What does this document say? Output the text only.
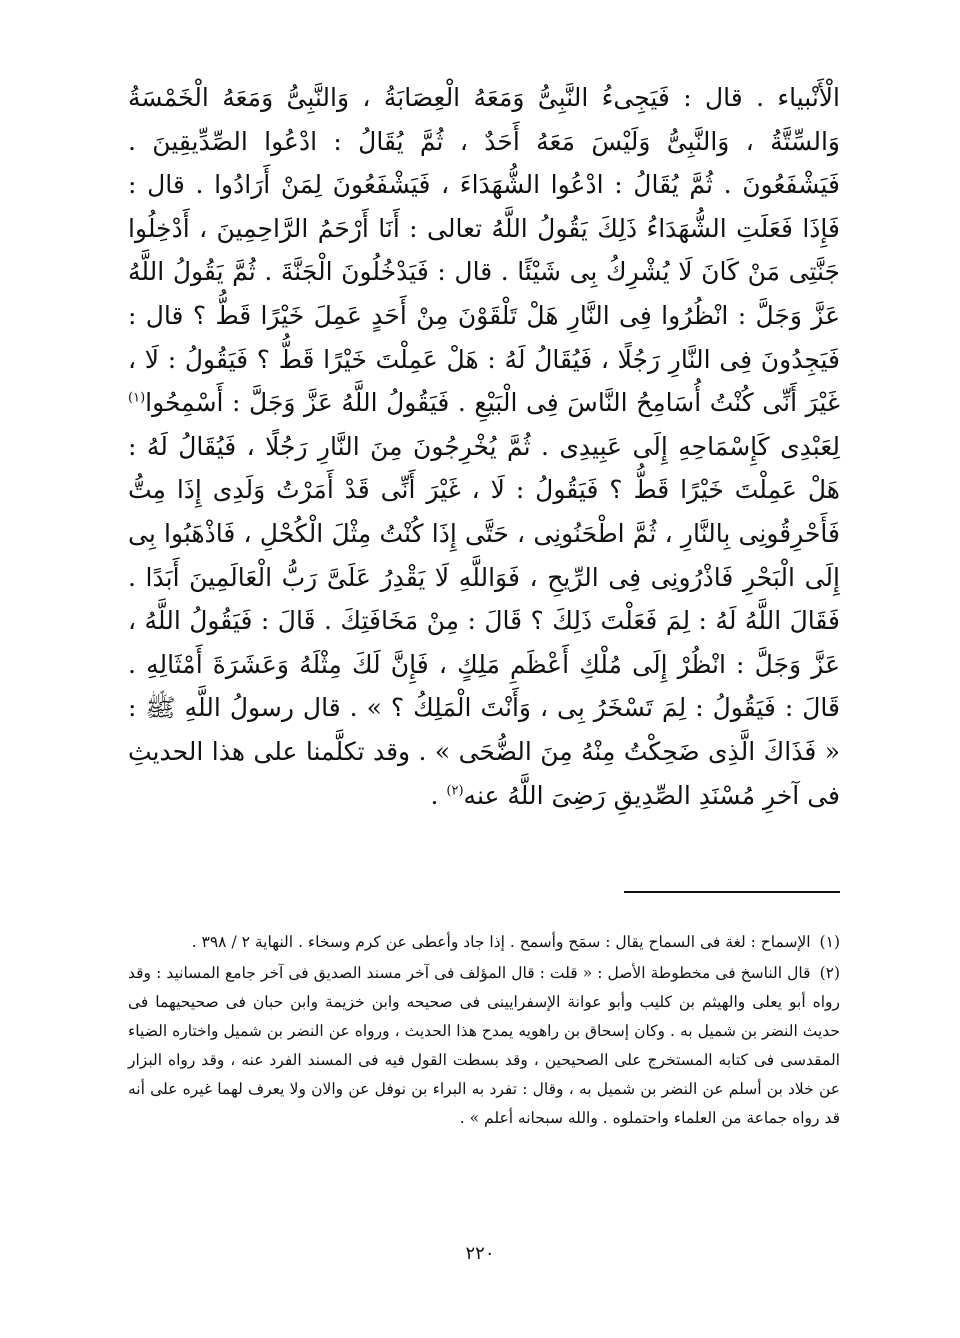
الْأَنْبياء . قال : فَيَجِىءُ النَّبِىُّ وَمَعَهُ الْعِصَابَةُ ، وَالنَّبِىُّ وَمَعَهُ الْخَمْسَةُ وَالسِّتَّةُ ، وَالنَّبِىُّ وَلَيْسَ مَعَهُ أَحَدٌ ، ثُمَّ يُقَالُ : ادْعُوا الصِّدِّيقِينَ . فَيَشْفَعُونَ . ثُمَّ يُقَالُ : ادْعُوا الشُّهَدَاءَ ، فَيَشْفَعُونَ لِمَنْ أَرَادُوا . قال : فَإِذَا فَعَلَتِ الشُّهَدَاءُ ذَلِكَ يَقُولُ اللَّهُ تعالى : أَنَا أَرْحَمُ الرَّاحِمِينَ ، أَدْخِلُوا جَنَّتِى مَنْ كَانَ لَا يُشْرِكُ بِى شَيْئًا . قال : فَيَدْخُلُونَ الْجَنَّةَ . ثُمَّ يَقُولُ اللَّهُ عَزَّ وَجَلَّ : انْظُرُوا فِى النَّارِ هَلْ تَلْقَوْنَ مِنْ أَحَدٍ عَمِلَ خَيْرًا قَطُّ ؟ قال : فَيَجِدُونَ فِى النَّارِ رَجُلًا ، فَيُقَالُ لَهُ : هَلْ عَمِلْتَ خَيْرًا قَطُّ ؟ فَيَقُولُ : لَا ، غَيْرَ أَنِّى كُنْتُ أُسَامِحُ النَّاسَ فِى الْبَيْعِ . فَيَقُولُ اللَّهُ عَزَّ وَجَلَّ : أَسْمِحُوا$^{(١)}$ لِعَبْدِى كَإِسْمَاحِهِ إِلَى عَبِيدِى . ثُمَّ يُخْرِجُونَ مِنَ النَّارِ رَجُلًا ، فَيُقَالُ لَهُ : هَلْ عَمِلْتَ خَيْرًا قَطُّ ؟ فَيَقُولُ : لَا ، غَيْرَ أَنِّى قَدْ أَمَرْتُ وَلَدِى إِذَا مِتُّ فَأَحْرِقُونِى بِالنَّارِ ، ثُمَّ اطْحَنُونِى ، حَتَّى إِذَا كُنْتُ مِثْلَ الْكُحْلِ ، فَاذْهَبُوا بِى إِلَى الْبَحْرِ فَاذْرُونِى فِى الرِّيحِ ، فَوَاللَّهِ لَا يَقْدِرُ عَلَىَّ رَبُّ الْعَالَمِينَ أَبَدًا . فَقَالَ اللَّهُ لَهُ : لِمَ فَعَلْتَ ذَلِكَ ؟ قَالَ : مِنْ مَخَافَتِكَ . قَالَ : فَيَقُولُ اللَّهُ ، عَزَّ وَجَلَّ : انْظُرْ إِلَى مُلْكِ أَعْظَمِ مَلِكٍ ، فَإِنَّ لَكَ مِثْلَهُ وَعَشَرَةَ أَمْثَالِهِ . قَالَ : فَيَقُولُ : لِمَ تَسْخَرُ بِى ، وَأَنْتَ الْمَلِكُ ؟ » . قال رسولُ اللَّهِ ﷺ : « فَذَاكَ الَّذِى ضَحِكْتُ مِنْهُ مِنَ الضُّحَى » . وقد تكلَّمنا على هذا الحديثِ فى آخرِ مُسْنَدِ الصِّدِيقِ رَضِىَ اللَّهُ عنه$^{(٢)}$ .

(١) الإسماح : لغة فى السماح يقال : سمَح وأسمح . إذا جاد وأعطى عن كرم وسخاء . النهاية ٢ / ٣٩٨ .

(٢) قال الناسخ فى مخطوطة الأصل : « قلت : قال المؤلف فى آخر مسند الصديق فى آخر جامع المسانيد : وقد رواه أبو يعلى والهيثم بن كليب وأبو عوانة الإسفرايينى فى صحيحه وابن خزيمة وابن حبان فى صحيحيهما فى حديث النضر بن شميل به . وكان إسحاق بن راهويه يمدح هذا الحديث ، ورواه عن النضر بن شميل واختاره الضياء المقدسى فى كتابه المستخرج على الصحيحين ، وقد بسطت القول فيه فى المسند الفرد عنه ، وقد رواه البزار عن خلاد بن أسلم عن النضر بن شميل به ، وقال : تفرد به البراء بن نوفل عن والان ولا يعرف لهما غيره على أنه قد رواه جماعة من العلماء واحتملوه . والله سبحانه أعلم » .

٢٢٠
